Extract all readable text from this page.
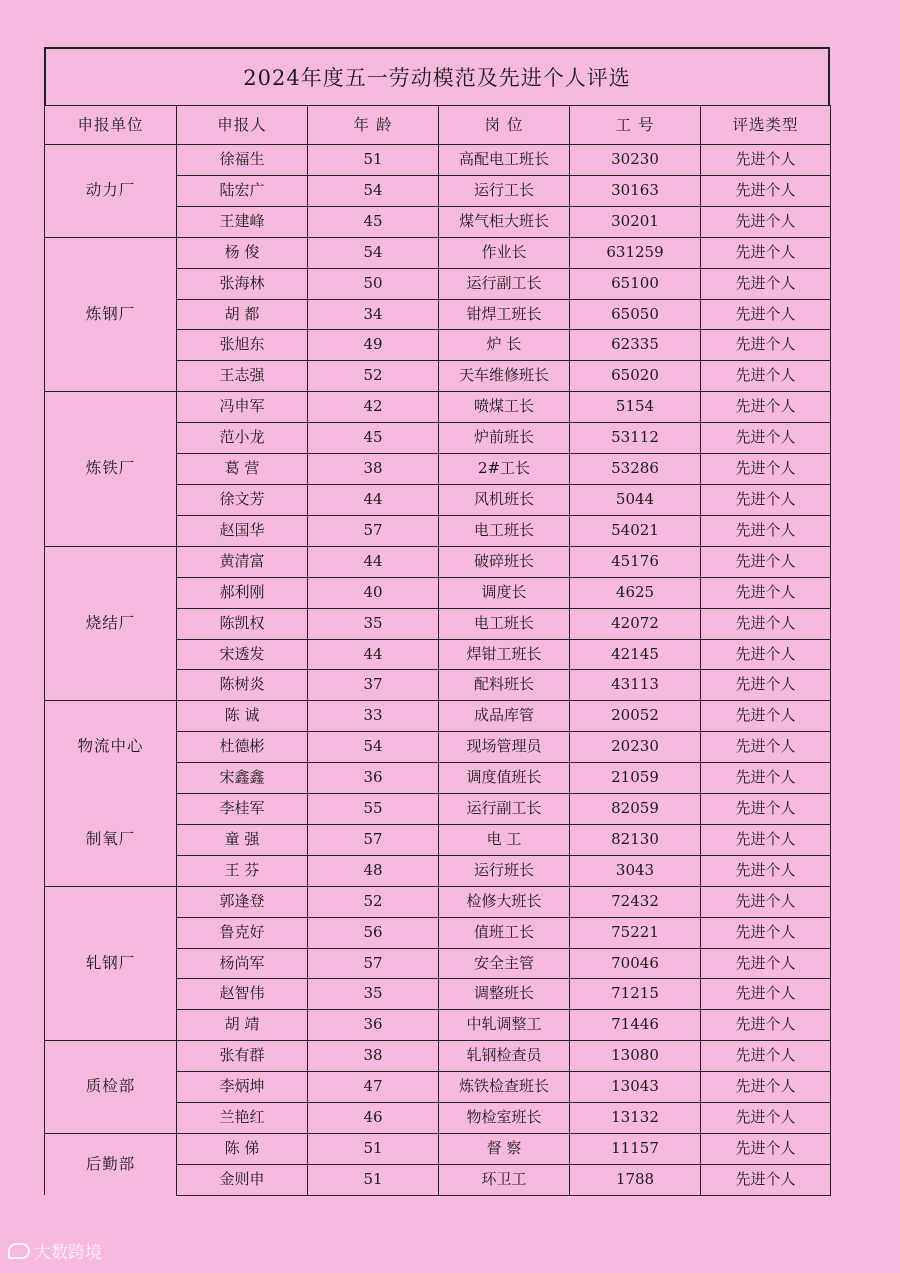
2024年度五一劳动模范及先进个人评选
申报单位	申报人	年 龄	岗 位	工 号	评选类型
动力厂	徐福生	51	高配电工班长	30230	先进个人
	陆宏广	54	运行工长	30163	先进个人
	王建峰	45	煤气柜大班长	30201	先进个人
炼钢厂	杨 俊	54	作业长	631259	先进个人
	张海林	50	运行副工长	65100	先进个人
	胡 都	34	钳焊工班长	65050	先进个人
	张旭东	49	炉 长	62335	先进个人
	王志强	52	天车维修班长	65020	先进个人
炼铁厂	冯申军	42	喷煤工长	5154	先进个人
	范小龙	45	炉前班长	53112	先进个人
	葛 营	38	2#工长	53286	先进个人
	徐文芳	44	风机班长	5044	先进个人
	赵国华	57	电工班长	54021	先进个人
烧结厂	黄清富	44	破碎班长	45176	先进个人
	郝利刚	40	调度长	4625	先进个人
	陈凯权	35	电工班长	42072	先进个人
	宋透发	44	焊钳工班长	42145	先进个人
	陈树炎	37	配料班长	43113	先进个人
物流中心	陈 诚	33	成品库管	20052	先进个人
	杜德彬	54	现场管理员	20230	先进个人
	宋鑫鑫	36	调度值班长	21059	先进个人
制氧厂	李桂军	55	运行副工长	82059	先进个人
	童 强	57	电 工	82130	先进个人
	王 芬	48	运行班长	3043	先进个人
轧钢厂	郭逢登	52	检修大班长	72432	先进个人
	鲁克好	56	值班工长	75221	先进个人
	杨尚军	57	安全主管	70046	先进个人
	赵智伟	35	调整班长	71215	先进个人
	胡 靖	36	中轧调整工	71446	先进个人
质检部	张有群	38	轧钢检查员	13080	先进个人
	李炳坤	47	炼铁检查班长	13043	先进个人
	兰艳红	46	物检室班长	13132	先进个人
后勤部	陈 俤	51	督 察	11157	先进个人
	金则申	51	环卫工	1788	先进个人
大数跨境
